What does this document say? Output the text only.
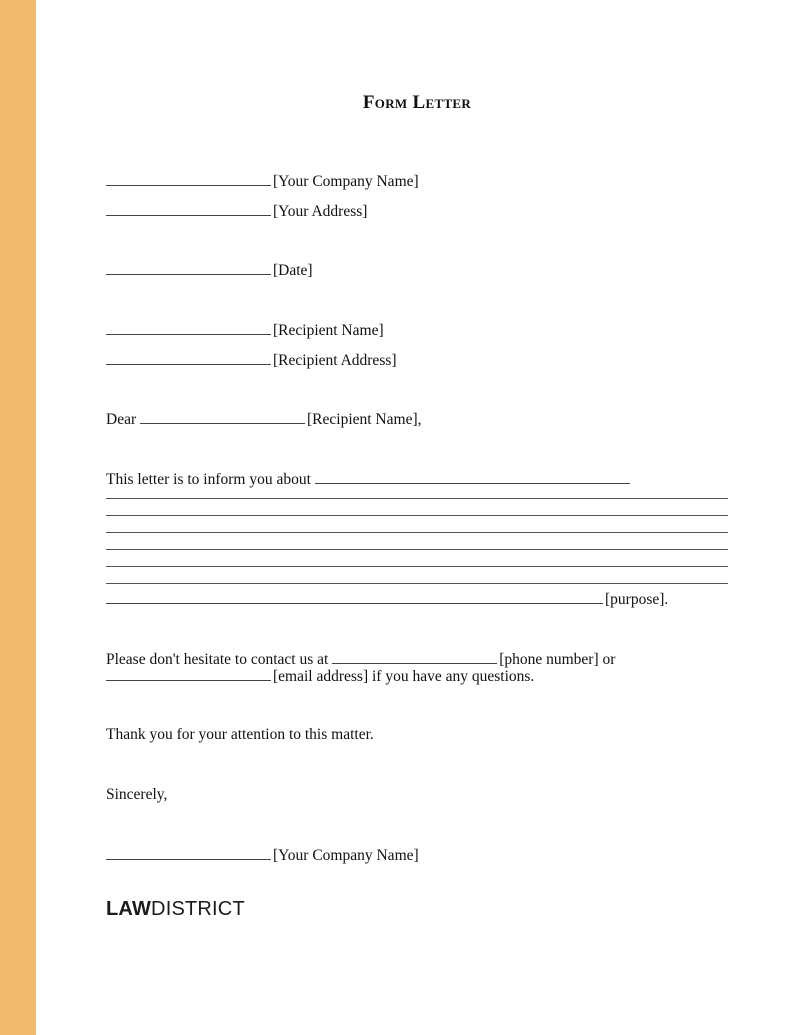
Form Letter
[Your Company Name]
[Your Address]
[Date]
[Recipient Name]
[Recipient Address]
Dear	[Recipient Name],
This letter is to inform you about
[purpose].
Please don't hesitate to contact us at	[phone number] or
[email address] if you have any questions.
Thank you for your attention to this matter.
Sincerely,
[Your Company Name]
LAWDISTRICT
